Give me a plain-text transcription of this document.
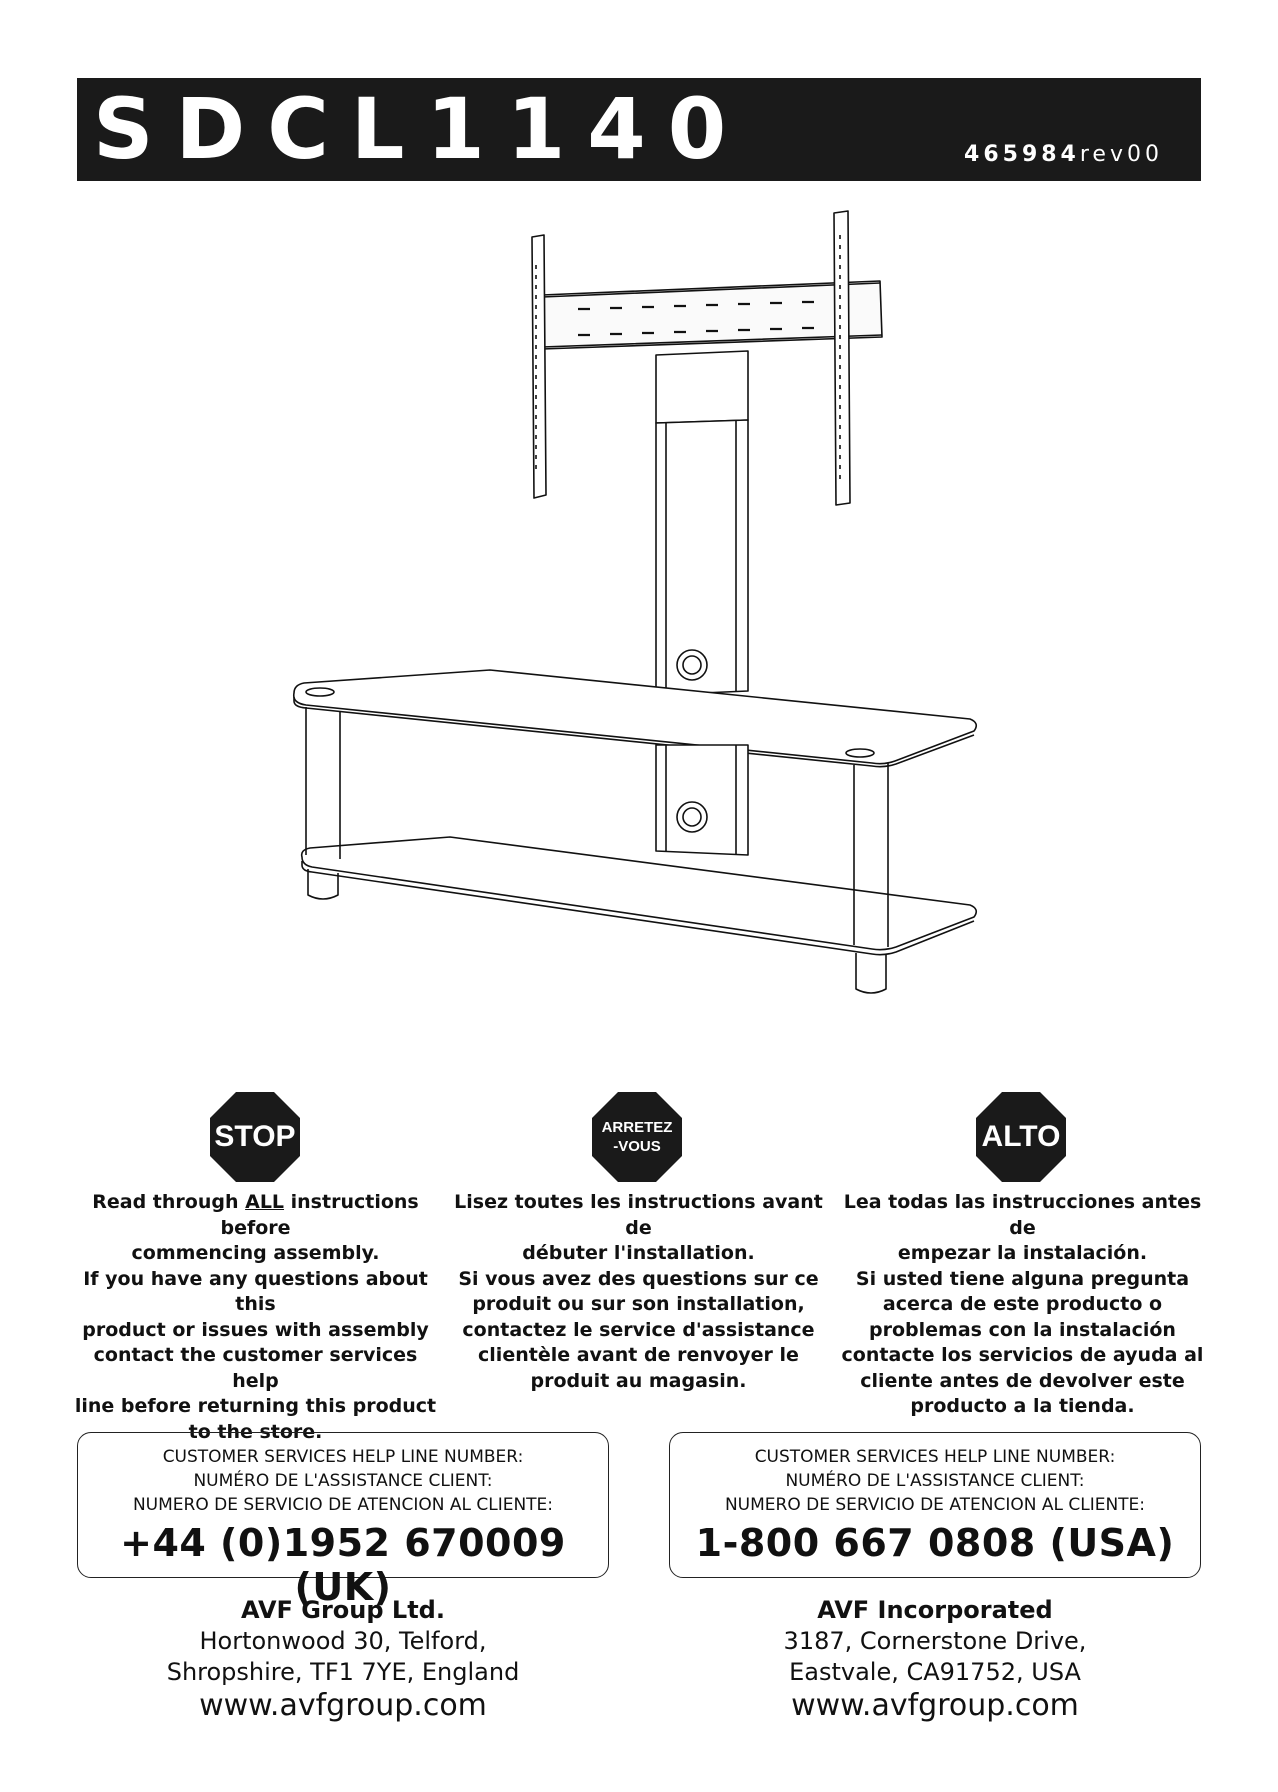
SDCL1140	465984rev00
STOP	ARRETEZ
-VOUS	ALTO

Read through ALL instructions before

commencing assembly.

If you have any questions about this

product or issues with assembly

contact the customer services help

line before returning this product

to the store.

Lisez toutes les instructions avant de

débuter l'installation.

Si vous avez des questions sur ce

produit ou sur son installation,

contactez le service d'assistance

clientèle avant de renvoyer le

produit au magasin.

Lea todas las instrucciones antes de

empezar la instalación.

Si usted tiene alguna pregunta

acerca de este producto o

problemas con la instalación

contacte los servicios de ayuda al

cliente antes de devolver este

producto a la tienda.

CUSTOMER SERVICES HELP LINE NUMBER:
NUMÉRO DE L'ASSISTANCE CLIENT:
NUMERO DE SERVICIO DE ATENCION AL CLIENTE:
+44 (0)1952 670009 (UK)
CUSTOMER SERVICES HELP LINE NUMBER:
NUMÉRO DE L'ASSISTANCE CLIENT:
NUMERO DE SERVICIO DE ATENCION AL CLIENTE:
1-800 667 0808 (USA)
AVF Group Ltd.
Hortonwood 30, Telford,
Shropshire, TF1 7YE, England
www.avfgroup.com
AVF Incorporated
3187, Cornerstone Drive,
Eastvale, CA91752, USA
www.avfgroup.com
